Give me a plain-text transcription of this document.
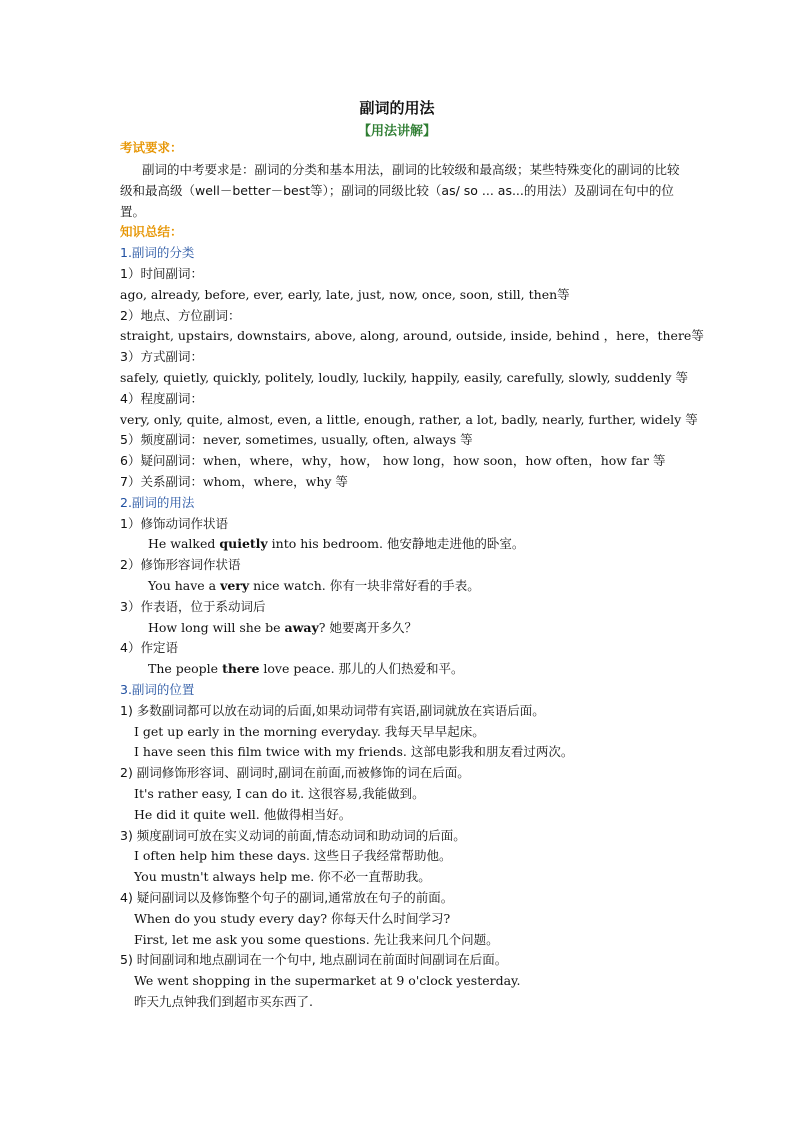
副词的用法
【用法讲解】
考试要求：
副词的中考要求是：副词的分类和基本用法，副词的比较级和最高级；某些特殊变化的副词的比较级和最高级（well－better－best等）；副词的同级比较（as/ so ... as...的用法）及副词在句中的位置。
知识总结：
1.副词的分类
1）时间副词：
ago, already, before, ever, early, late, just, now, once, soon, still, then等
2）地点、方位副词：
straight, upstairs, downstairs, above, along, around, outside, inside, behind ，here，there等
3）方式副词：
safely, quietly, quickly, politely, loudly, luckily, happily, easily, carefully, slowly, suddenly 等
4）程度副词：
very, only, quite, almost, even, a little, enough, rather, a lot, badly, nearly, further, widely 等
5）频度副词：never, sometimes, usually, often, always 等
6）疑问副词：when，where，why，how， how long，how soon，how often，how far 等
7）关系副词：whom，where，why 等
2.副词的用法
1）修饰动词作状语
He walked quietly into his bedroom. 他安静地走进他的卧室。
2）修饰形容词作状语
You have a very nice watch. 你有一块非常好看的手表。
3）作表语，位于系动词后
How long will she be away? 她要离开多久？
4）作定语
The people there love peace. 那儿的人们热爱和平。
3.副词的位置
1) 多数副词都可以放在动词的后面,如果动词带有宾语,副词就放在宾语后面。
I get up early in the morning everyday. 我每天早早起床。
I have seen this film twice with my friends. 这部电影我和朋友看过两次。
2) 副词修饰形容词、副词时,副词在前面,而被修饰的词在后面。
It's rather easy, I can do it. 这很容易,我能做到。
He did it quite well. 他做得相当好。
3) 频度副词可放在实义动词的前面,情态动词和助动词的后面。
I often help him these days. 这些日子我经常帮助他。
You mustn't always help me. 你不必一直帮助我。
4) 疑问副词以及修饰整个句子的副词,通常放在句子的前面。
When do you study every day? 你每天什么时间学习?
First, let me ask you some questions. 先让我来问几个问题。
5) 时间副词和地点副词在一个句中, 地点副词在前面时间副词在后面。
We went shopping in the supermarket at 9 o'clock yesterday.
昨天九点钟我们到超市买东西了.
